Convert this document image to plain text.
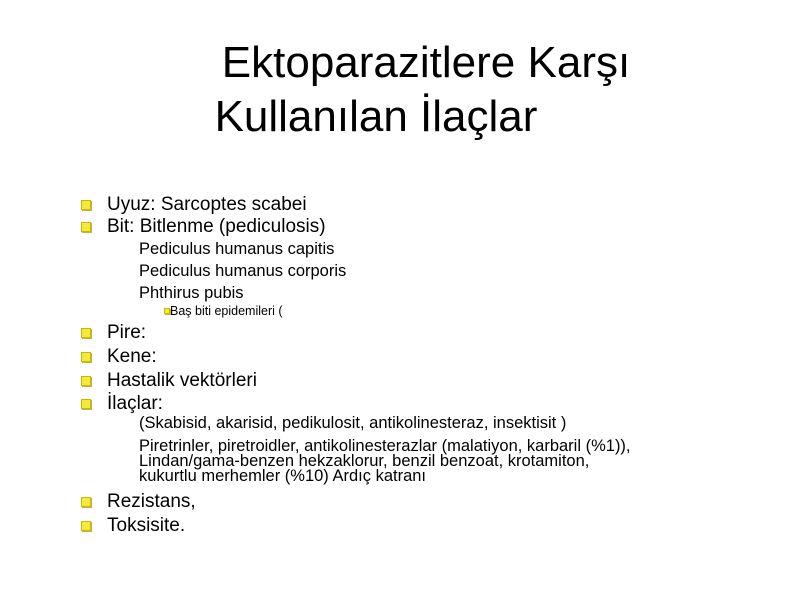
Ektoparazitlere Karşı
Kullanılan İlaçlar
Uyuz: Sarcoptes scabei
Bit: Bitlenme (pediculosis)
Pediculus humanus capitis
Pediculus humanus corporis
Phthirus pubis
Baş biti epidemileri (
Pire:
Kene:
Hastalik vektörleri
İlaçlar:
(Skabisid, akarisid, pedikulosit, antikolinesteraz, insektisit )
Piretrinler, piretroidler, antikolinesterazlar (malatiyon, karbaril (%1)),
Lindan/gama-benzen hekzaklorur, benzil benzoat, krotamiton,
kukurtlu merhemler (%10) Ardıç katranı
Rezistans,
Toksisite.
